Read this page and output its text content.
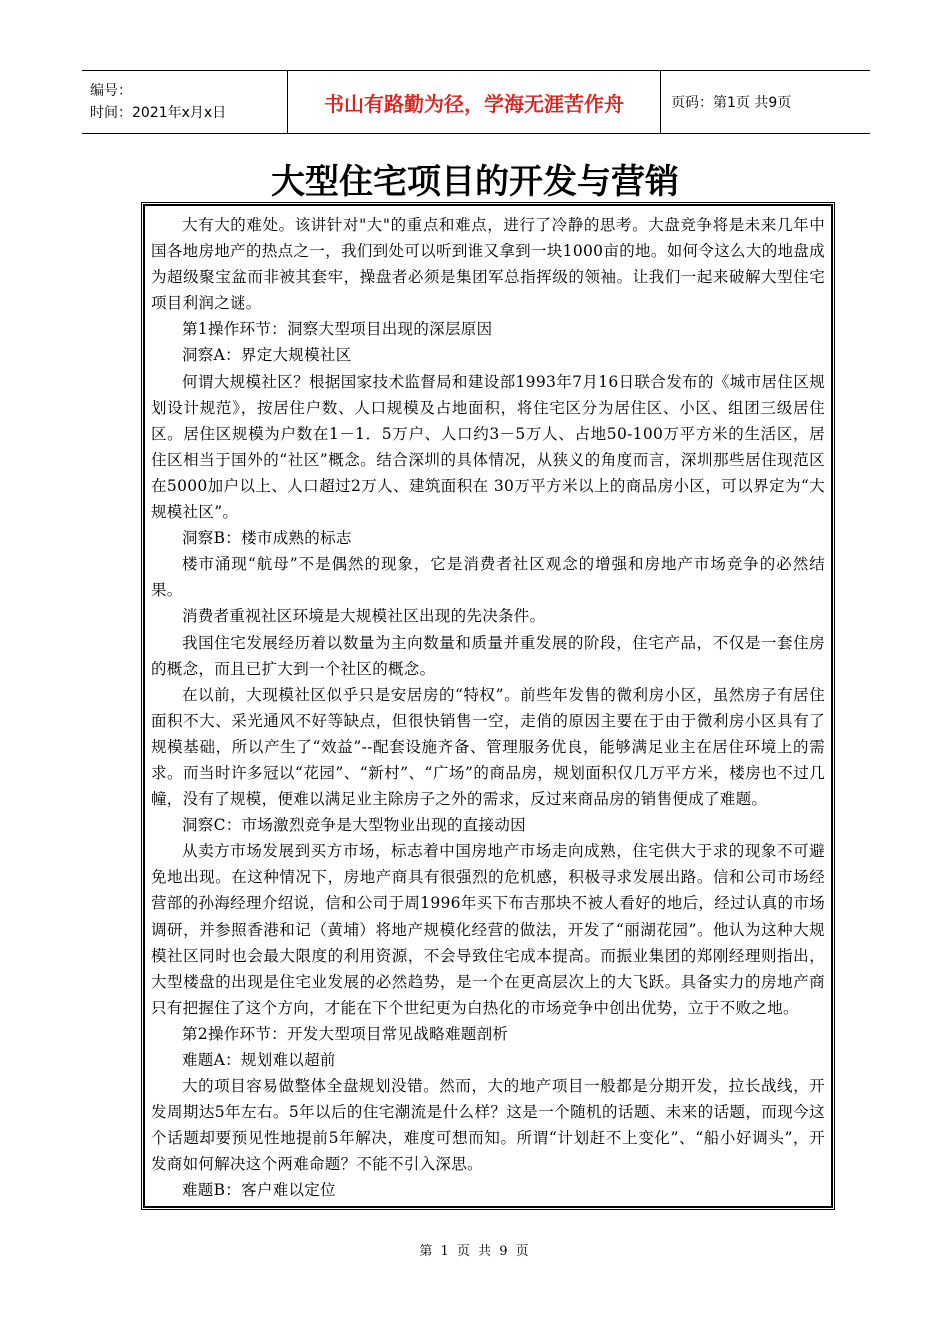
编号：
时间：2021年x月x日	书山有路勤为径，学海无涯苦作舟	页码：第1页 共9页
大型住宅项目的开发与营销

大有大的难处。该讲针对"大"的重点和难点，进行了冷静的思考。大盘竞争将是未来几年中国各地房地产的热点之一，我们到处可以听到谁又拿到一块1000亩的地。如何令这么大的地盘成为超级聚宝盆而非被其套牢，操盘者必须是集团军总指挥级的领袖。让我们一起来破解大型住宅项目利润之谜。

第1操作环节：洞察大型项目出现的深层原因

洞察A：界定大规模社区

何谓大规模社区？根据国家技术监督局和建设部1993年7月16日联合发布的《城市居住区规划设计规范》，按居住户数、人口规模及占地面积，将住宅区分为居住区、小区、组团三级居住区。居住区规模为户数在1－1．5万户、人口约3－5万人、占地50-100万平方米的生活区，居住区相当于国外的“社区”概念。结合深圳的具体情况，从狭义的角度而言，深圳那些居住现范区在5000加户以上、人口超过2万人、建筑面积在 30万平方米以上的商品房小区，可以界定为“大规模社区”。

洞察B：楼市成熟的标志

楼市涌现“航母”不是偶然的现象，它是消费者社区观念的增强和房地产市场竞争的必然结果。

消费者重视社区环境是大规模社区出现的先决条件。

我国住宅发展经历着以数量为主向数量和质量并重发展的阶段，住宅产品，不仅是一套住房的概念，而且已扩大到一个社区的概念。

在以前，大现模社区似乎只是安居房的“特权”。前些年发售的微利房小区，虽然房子有居住面积不大、采光通风不好等缺点，但很快销售一空，走俏的原因主要在于由于微利房小区具有了规模基础，所以产生了“效益”--配套设施齐备、管理服务优良，能够满足业主在居住环境上的需求。而当时许多冠以“花园”、“新村”、“广场”的商品房，规划面积仅几万平方米，楼房也不过几幢，没有了规模，便难以满足业主除房子之外的需求，反过来商品房的销售便成了难题。

洞察C：市场激烈竞争是大型物业出现的直接动因

从卖方市场发展到买方市场，标志着中国房地产市场走向成熟，住宅供大于求的现象不可避免地出现。在这种情况下，房地产商具有很强烈的危机感，积极寻求发展出路。信和公司市场经营部的孙海经理介绍说，信和公司于周1996年买下布吉那块不被人看好的地后，经过认真的市场调研，并参照香港和记（黄埔）将地产规模化经营的做法，开发了“丽湖花园”。他认为这种大规模社区同时也会最大限度的利用资源，不会导致住宅成本提高。而振业集团的郑刚经理则指出，大型楼盘的出现是住宅业发展的必然趋势，是一个在更高层次上的大飞跃。具备实力的房地产商只有把握住了这个方向，才能在下个世纪更为白热化的市场竞争中创出优势，立于不败之地。

第2操作环节：开发大型项目常见战略难题剖析

难题A：规划难以超前

大的项目容易做整体全盘规划没错。然而，大的地产项目一般都是分期开发，拉长战线，开发周期达5年左右。5年以后的住宅潮流是什么样？这是一个随机的话题、未来的话题，而现今这个话题却要预见性地提前5年解决，难度可想而知。所谓“计划赶不上变化”、“船小好调头”，开发商如何解决这个两难命题？不能不引入深思。

难题B：客户难以定位

第 1 页 共 9 页
